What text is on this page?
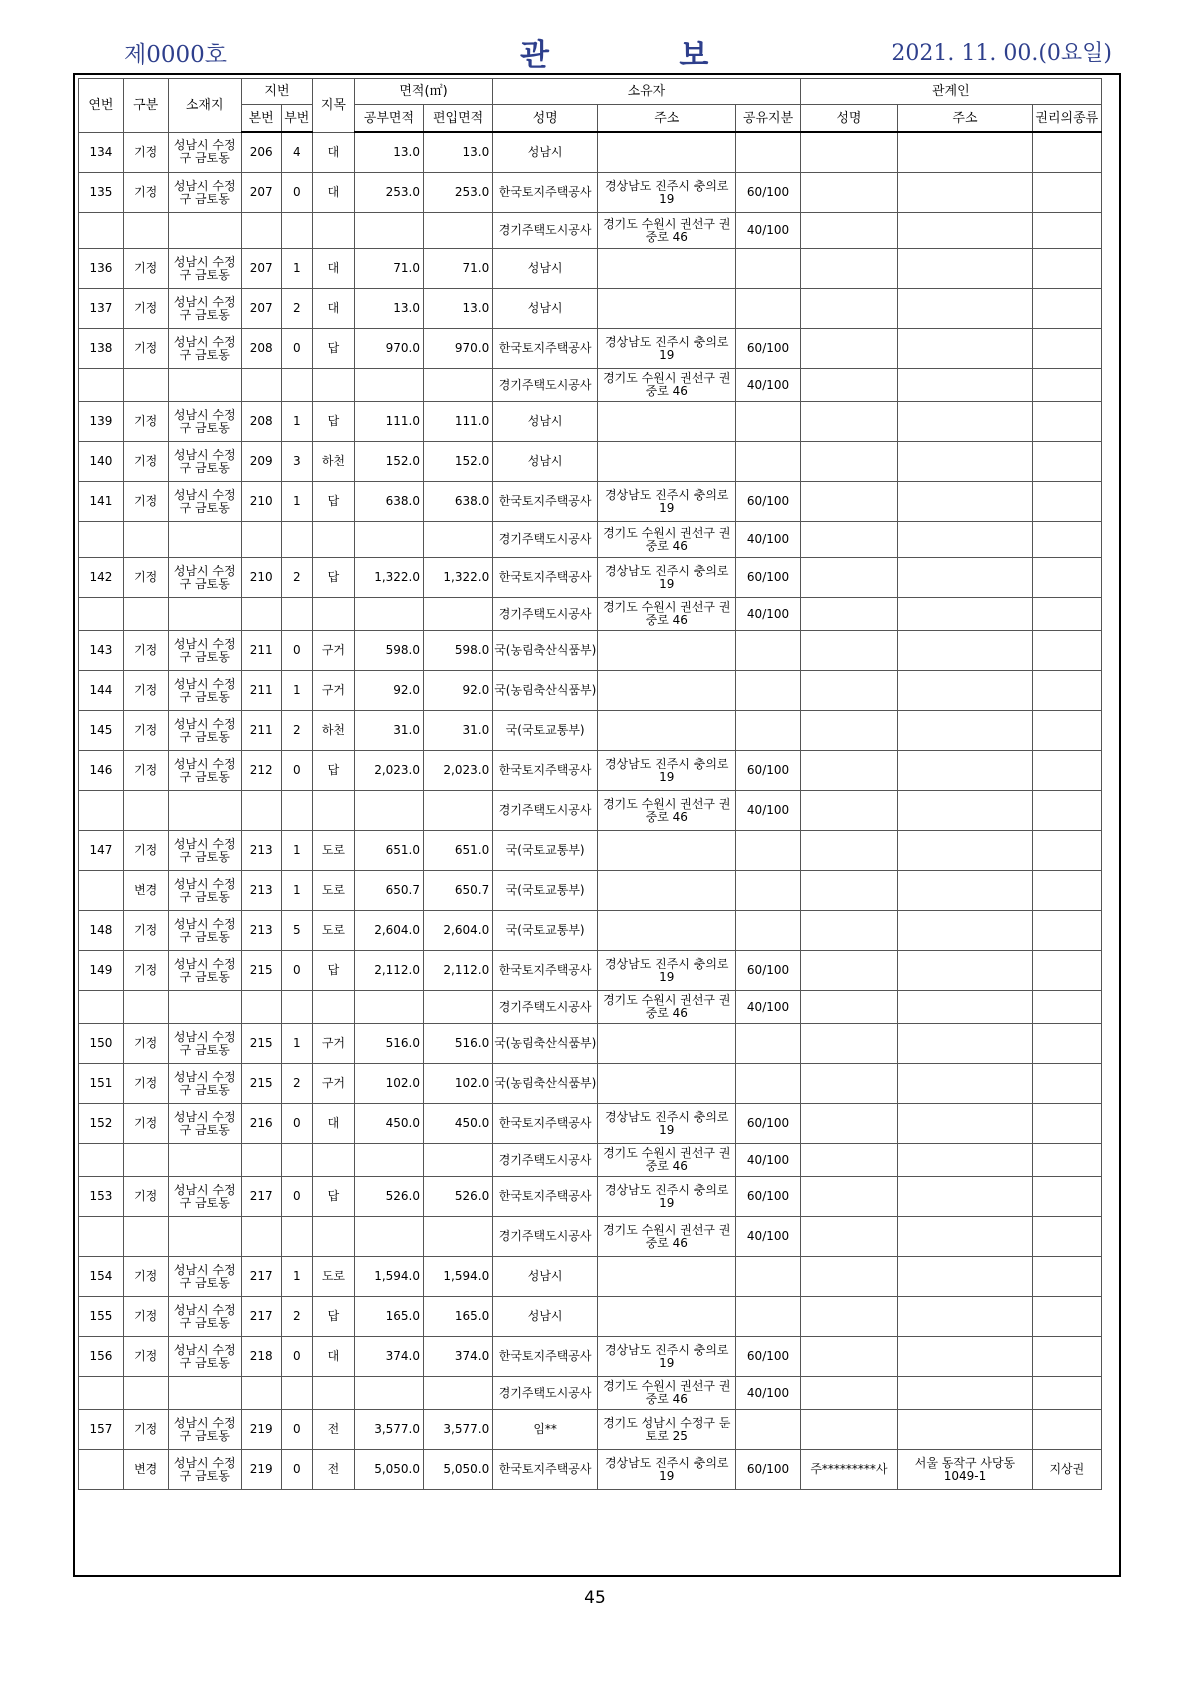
제0000호	관 보	2021. 11. 00.(0요일)
연번	구분	소재지	지번		지목	면적(㎡)		소유자			관계인		
			본번	부번		공부면적	편입면적	성명	주소	공유지분	성명	주소	권리의종류
134	기정	성남시 수정구 금토동	206	4	대	13.0	13.0	성남시					
135	기정	성남시 수정구 금토동	207	0	대	253.0	253.0	한국토지주택공사	경상남도 진주시 충의로 19	60/100			
								경기주택도시공사	경기도 수원시 권선구 권중로 46	40/100			
136	기정	성남시 수정구 금토동	207	1	대	71.0	71.0	성남시					
137	기정	성남시 수정구 금토동	207	2	대	13.0	13.0	성남시					
138	기정	성남시 수정구 금토동	208	0	답	970.0	970.0	한국토지주택공사	경상남도 진주시 충의로 19	60/100			
								경기주택도시공사	경기도 수원시 권선구 권중로 46	40/100			
139	기정	성남시 수정구 금토동	208	1	답	111.0	111.0	성남시					
140	기정	성남시 수정구 금토동	209	3	하천	152.0	152.0	성남시					
141	기정	성남시 수정구 금토동	210	1	답	638.0	638.0	한국토지주택공사	경상남도 진주시 충의로 19	60/100			
								경기주택도시공사	경기도 수원시 권선구 권중로 46	40/100			
142	기정	성남시 수정구 금토동	210	2	답	1,322.0	1,322.0	한국토지주택공사	경상남도 진주시 충의로 19	60/100			
								경기주택도시공사	경기도 수원시 권선구 권중로 46	40/100			
143	기정	성남시 수정구 금토동	211	0	구거	598.0	598.0	국(농림축산식품부)					
144	기정	성남시 수정구 금토동	211	1	구거	92.0	92.0	국(농림축산식품부)					
145	기정	성남시 수정구 금토동	211	2	하천	31.0	31.0	국(국토교통부)					
146	기정	성남시 수정구 금토동	212	0	답	2,023.0	2,023.0	한국토지주택공사	경상남도 진주시 충의로 19	60/100			
								경기주택도시공사	경기도 수원시 권선구 권중로 46	40/100			
147	기정	성남시 수정구 금토동	213	1	도로	651.0	651.0	국(국토교통부)					
	변경	성남시 수정구 금토동	213	1	도로	650.7	650.7	국(국토교통부)					
148	기정	성남시 수정구 금토동	213	5	도로	2,604.0	2,604.0	국(국토교통부)					
149	기정	성남시 수정구 금토동	215	0	답	2,112.0	2,112.0	한국토지주택공사	경상남도 진주시 충의로 19	60/100			
								경기주택도시공사	경기도 수원시 권선구 권중로 46	40/100			
150	기정	성남시 수정구 금토동	215	1	구거	516.0	516.0	국(농림축산식품부)					
151	기정	성남시 수정구 금토동	215	2	구거	102.0	102.0	국(농림축산식품부)					
152	기정	성남시 수정구 금토동	216	0	대	450.0	450.0	한국토지주택공사	경상남도 진주시 충의로 19	60/100			
								경기주택도시공사	경기도 수원시 권선구 권중로 46	40/100			
153	기정	성남시 수정구 금토동	217	0	답	526.0	526.0	한국토지주택공사	경상남도 진주시 충의로 19	60/100			
								경기주택도시공사	경기도 수원시 권선구 권중로 46	40/100			
154	기정	성남시 수정구 금토동	217	1	도로	1,594.0	1,594.0	성남시					
155	기정	성남시 수정구 금토동	217	2	답	165.0	165.0	성남시					
156	기정	성남시 수정구 금토동	218	0	대	374.0	374.0	한국토지주택공사	경상남도 진주시 충의로 19	60/100			
								경기주택도시공사	경기도 수원시 권선구 권중로 46	40/100			
157	기정	성남시 수정구 금토동	219	0	전	3,577.0	3,577.0	임**	경기도 성남시 수정구 둔토로 25				
	변경	성남시 수정구 금토동	219	0	전	5,050.0	5,050.0	한국토지주택공사	경상남도 진주시 충의로 19	60/100	주*********사	서울 동작구 사당동 1049-1	지상권
45
